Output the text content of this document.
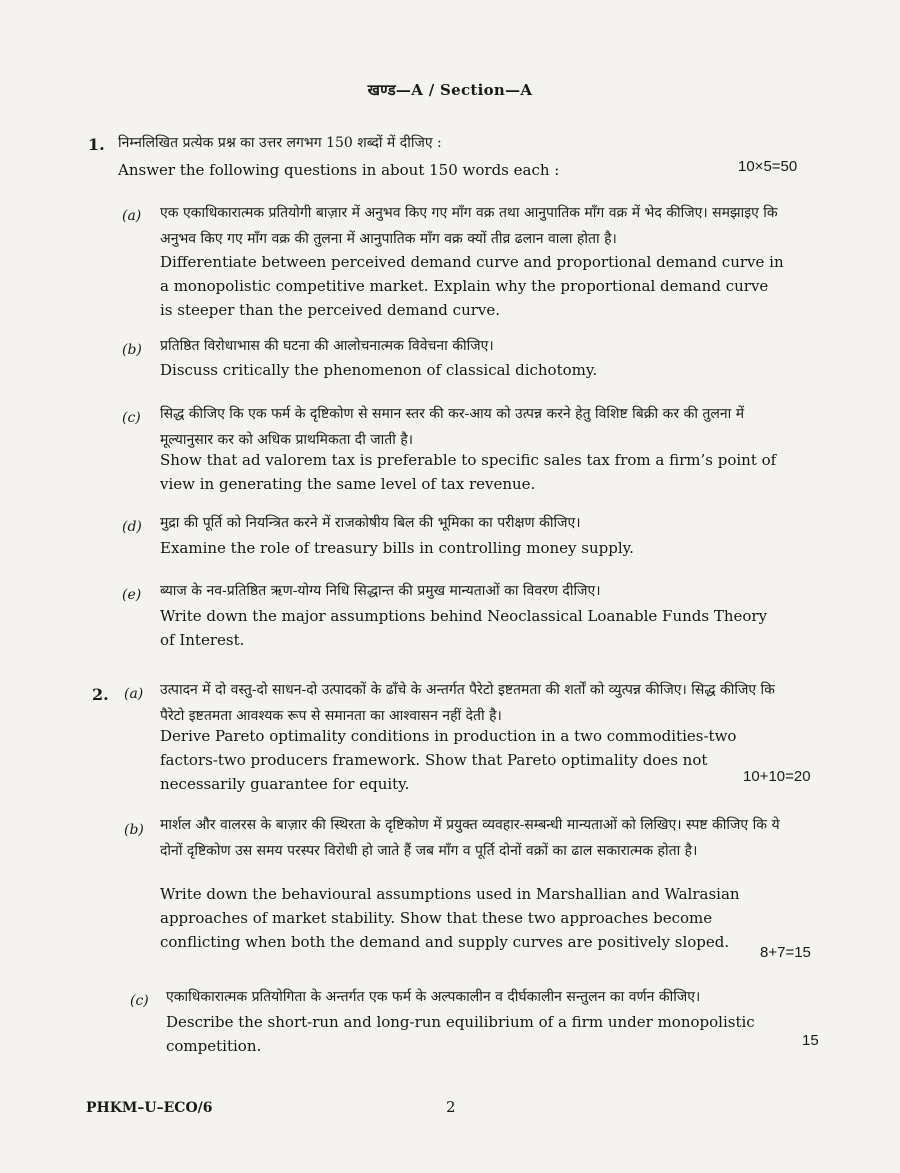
खण्ड—A / Section—A
1. निम्नलिखित प्रत्येक प्रश्न का उत्तर लगभग 150 शब्दों में दीजिए :
Answer the following questions in about 150 words each :	10×5=50
(a) एक एकाधिकारात्मक प्रतियोगी बाज़ार में अनुभव किए गए माँग वक्र तथा आनुपातिक माँग वक्र में भेद कीजिए। समझाइए कि अनुभव किए गए माँग वक्र की तुलना में आनुपातिक माँग वक्र क्यों तीव्र ढलान वाला होता है।
Differentiate between perceived demand curve and proportional demand curve in a monopolistic competitive market. Explain why the proportional demand curve is steeper than the perceived demand curve.
(b) प्रतिष्ठित विरोधाभास की घटना की आलोचनात्मक विवेचना कीजिए।
Discuss critically the phenomenon of classical dichotomy.
(c) सिद्ध कीजिए कि एक फर्म के दृष्टिकोण से समान स्तर की कर-आय को उत्पन्न करने हेतु विशिष्ट बिक्री कर की तुलना में मूल्यानुसार कर को अधिक प्राथमिकता दी जाती है।
Show that ad valorem tax is preferable to specific sales tax from a firm’s point of view in generating the same level of tax revenue.
(d) मुद्रा की पूर्ति को नियन्त्रित करने में राजकोषीय बिल की भूमिका का परीक्षण कीजिए।
Examine the role of treasury bills in controlling money supply.
(e) ब्याज के नव-प्रतिष्ठित ऋण-योग्य निधि सिद्धान्त की प्रमुख मान्यताओं का विवरण दीजिए।
Write down the major assumptions behind Neoclassical Loanable Funds Theory of Interest.
2. (a) उत्पादन में दो वस्तु-दो साधन-दो उत्पादकों के ढाँचे के अन्तर्गत पैरेटो इष्टतमता की शर्तों को व्युत्पन्न कीजिए। सिद्ध कीजिए कि पैरेटो इष्टतमता आवश्यक रूप से समानता का आश्वासन नहीं देती है।
Derive Pareto optimality conditions in production in a two commodities-two factors-two producers framework. Show that Pareto optimality does not necessarily guarantee for equity.	10+10=20
(b) मार्शल और वालरस के बाज़ार की स्थिरता के दृष्टिकोण में प्रयुक्त व्यवहार-सम्बन्धी मान्यताओं को लिखिए। स्पष्ट कीजिए कि ये दोनों दृष्टिकोण उस समय परस्पर विरोधी हो जाते हैं जब माँग व पूर्ति दोनों वक्रों का ढाल सकारात्मक होता है।
Write down the behavioural assumptions used in Marshallian and Walrasian approaches of market stability. Show that these two approaches become conflicting when both the demand and supply curves are positively sloped.
8+7=15
(c) एकाधिकारात्मक प्रतियोगिता के अन्तर्गत एक फर्म के अल्पकालीन व दीर्घकालीन सन्तुलन का वर्णन कीजिए।
Describe the short-run and long-run equilibrium of a firm under monopolistic competition.	15
PHKM–U–ECO/6	2
